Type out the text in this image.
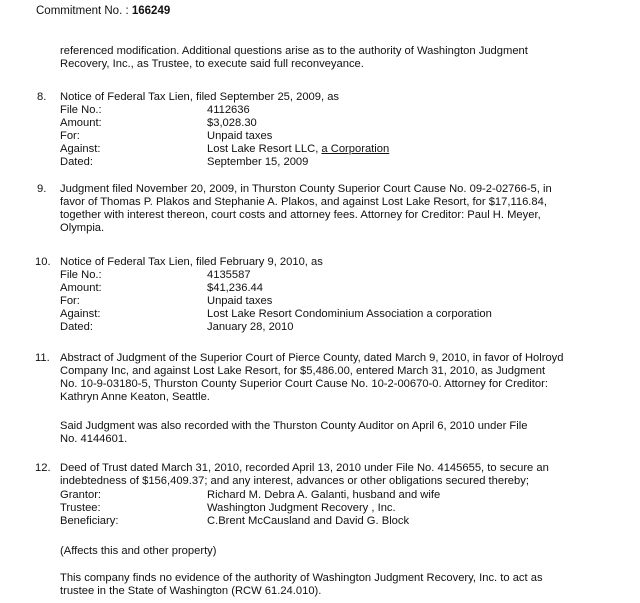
Commitment No. : 166249
referenced modification. Additional questions arise as to the authority of Washington Judgment
Recovery, Inc., as Trustee, to execute said full reconveyance.
8. Notice of Federal Tax Lien, filed September 25, 2009, as
File No.:	4112636
Amount:	$3,028.30
For:	Unpaid taxes
Against:	Lost Lake Resort LLC, a Corporation
Dated:	September 15, 2009
9. Judgment filed November 20, 2009, in Thurston County Superior Court Cause No. 09-2-02766-5, in
favor of Thomas P. Plakos and Stephanie A. Plakos, and against Lost Lake Resort, for $17,116.84,
together with interest thereon, court costs and attorney fees. Attorney for Creditor: Paul H. Meyer,
Olympia.
10. Notice of Federal Tax Lien, filed February 9, 2010, as
File No.:	4135587
Amount:	$41,236.44
For:	Unpaid taxes
Against:	Lost Lake Resort Condominium Association a corporation
Dated:	January 28, 2010
11. Abstract of Judgment of the Superior Court of Pierce County, dated March 9, 2010, in favor of Holroyd
Company Inc, and against Lost Lake Resort, for $5,486.00, entered March 31, 2010, as Judgment
No. 10-9-03180-5, Thurston County Superior Court Cause No. 10-2-00670-0. Attorney for Creditor:
Kathryn Anne Keaton, Seattle.
Said Judgment was also recorded with the Thurston County Auditor on April 6, 2010 under File
No. 4144601.
12. Deed of Trust dated March 31, 2010, recorded April 13, 2010 under File No. 4145655, to secure an
indebtedness of $156,409.37; and any interest, advances or other obligations secured thereby;
Grantor:	Richard M. Debra A. Galanti, husband and wife
Trustee:	Washington Judgment Recovery , Inc.
Beneficiary:	C.Brent McCausland and David G. Block
(Affects this and other property)
This company finds no evidence of the authority of Washington Judgment Recovery, Inc. to act as
trustee in the State of Washington (RCW 61.24.010).
